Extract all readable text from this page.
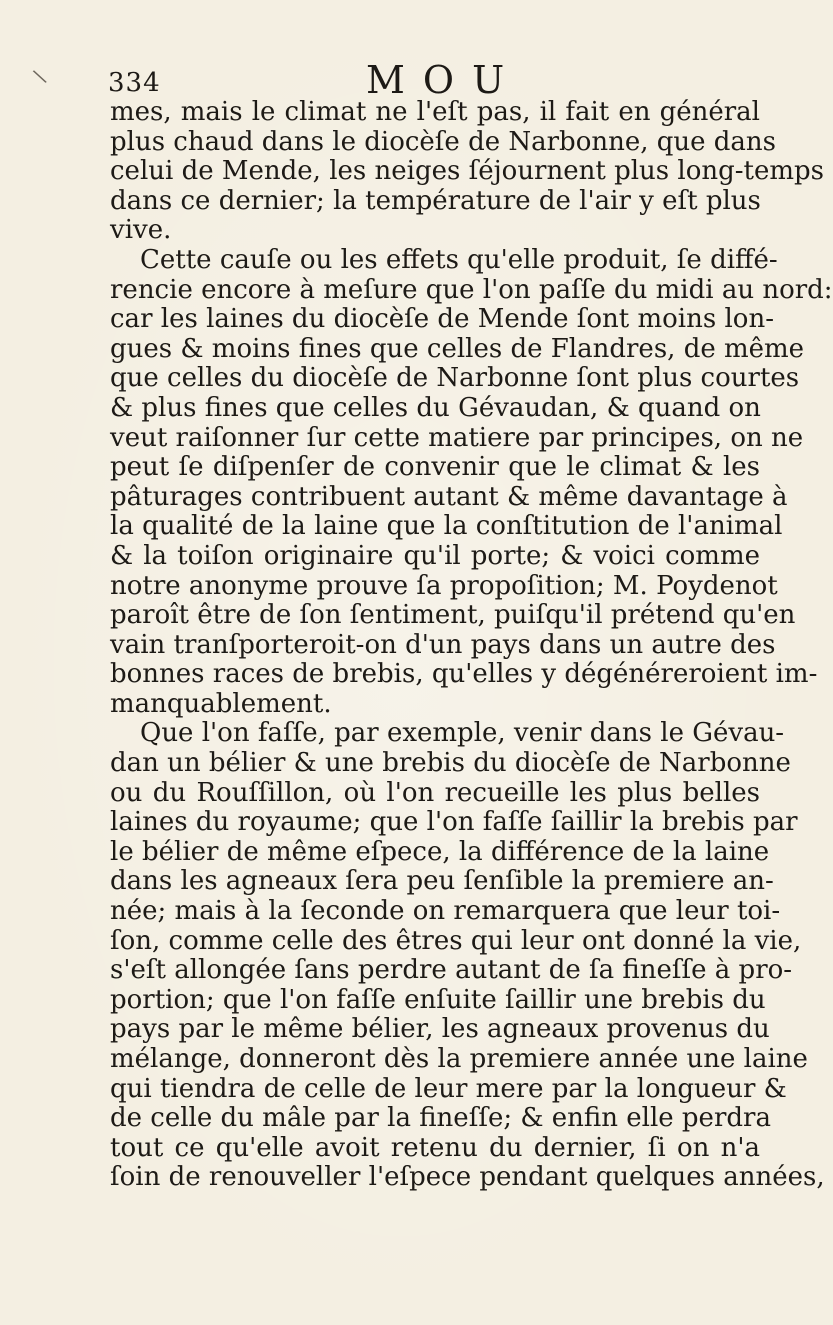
\ 334	MOU
mes, mais le climat ne l'eſt pas, il fait en général
plus chaud dans le diocèſe de Narbonne, que dans
celui de Mende, les neiges ſéjournent plus long-temps
dans ce dernier; la température de l'air y eſt plus
vive.
Cette cauſe ou les effets qu'elle produit, ſe diffé-
rencie encore à meſure que l'on paſſe du midi au nord:
car les laines du diocèſe de Mende ſont moins lon-
gues & moins fines que celles de Flandres, de même
que celles du diocèſe de Narbonne ſont plus courtes
& plus fines que celles du Gévaudan, & quand on
veut raiſonner ſur cette matiere par principes, on ne
peut ſe diſpenſer de convenir que le climat & les
pâturages contribuent autant & même davantage à
la qualité de la laine que la conſtitution de l'animal
& la toiſon originaire qu'il porte; & voici comme
notre anonyme prouve ſa propoſition; M. Poydenot
paroît être de ſon ſentiment, puiſqu'il prétend qu'en
vain tranſporteroit-on d'un pays dans un autre des
bonnes races de brebis, qu'elles y dégénéreroient im-
manquablement.
Que l'on faſſe, par exemple, venir dans le Gévau-
dan un bélier & une brebis du diocèſe de Narbonne
ou du Rouſſillon, où l'on recueille les plus belles
laines du royaume; que l'on faſſe ſaillir la brebis par
le bélier de même eſpece, la différence de la laine
dans les agneaux ſera peu ſenſible la premiere an-
née; mais à la ſeconde on remarquera que leur toi-
ſon, comme celle des êtres qui leur ont donné la vie,
s'eſt allongée ſans perdre autant de ſa fineſſe à pro-
portion; que l'on faſſe enſuite ſaillir une brebis du
pays par le même bélier, les agneaux provenus du
mélange, donneront dès la premiere année une laine
qui tiendra de celle de leur mere par la longueur &
de celle du mâle par la fineſſe; & enfin elle perdra
tout ce qu'elle avoit retenu du dernier, ſi on n'a
ſoin de renouveller l'eſpece pendant quelques années,
